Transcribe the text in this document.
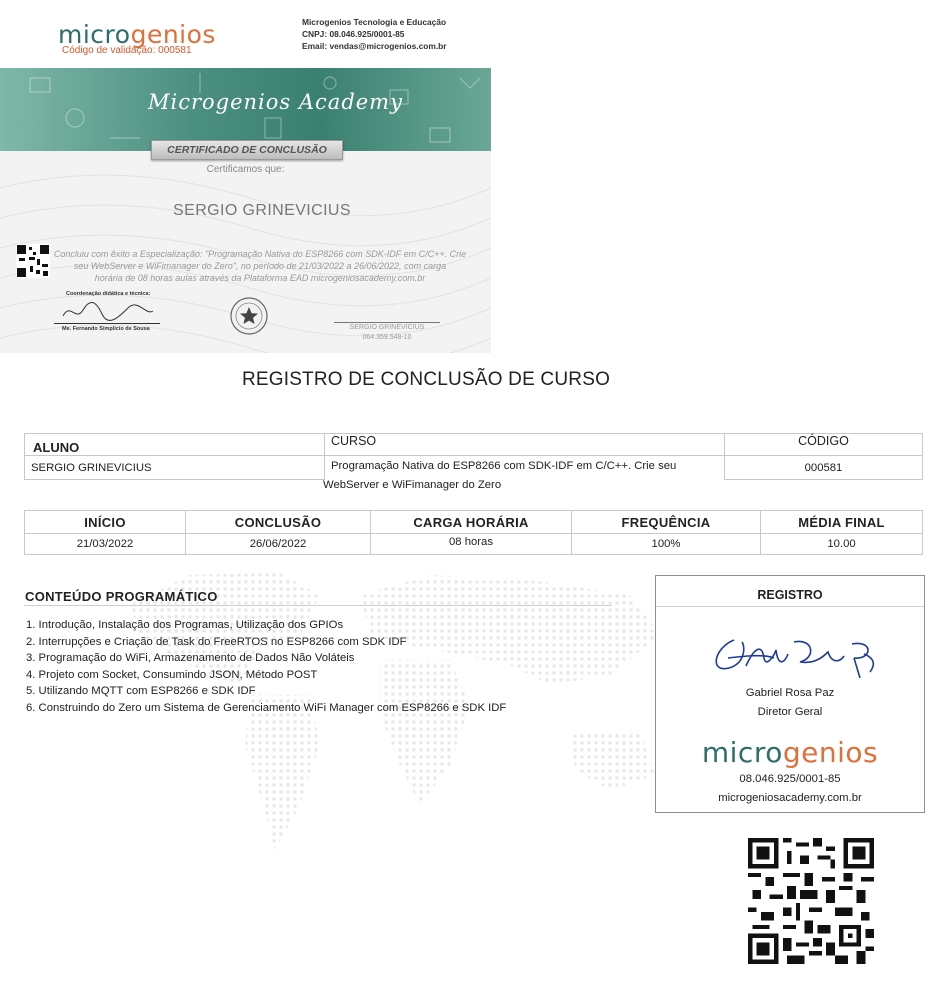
microgenios
Código de validação: 000581
Microgenios Tecnologia e Educação
CNPJ: 08.046.925/0001-85
Email: vendas@microgenios.com.br
Microgenios Academy
CERTIFICADO DE CONCLUSÃO
Certificamos que:
SERGIO GRINEVICIUS
Concluiu com êxito a Especialização: "Programação Nativa do ESP8266 com SDK-IDF em C/C++. Crie
seu WebServer e WiFimanager do Zero", no período de 21/03/2022 a 26/06/2022, com carga
horária de 08 horas aulas através da Plataforma EAD microgeniosacademy.com.br
Coordenação didática e técnica:
Me. Fernando Simplício de Sousa	SERGIO GRINEVICIUS
064.359.548-10
REGISTRO DE CONCLUSÃO DE CURSO
ALUNO	CURSO	CÓDIGO
SERGIO GRINEVICIUS	Programação Nativa do ESP8266 com SDK-IDF em C/C++. Crie seu	000581
WebServer e WiFimanager do Zero
INÍCIO	CONCLUSÃO	CARGA HORÁRIA	FREQUÊNCIA	MÉDIA FINAL
21/03/2022	26/06/2022	08 horas	100%	10.00
CONTEÚDO PROGRAMÁTICO
1. Introdução, Instalação dos Programas, Utilização dos GPIOs
2. Interrupções e Criação de Task do FreeRTOS no ESP8266 com SDK IDF
3. Programação do WiFi, Armazenamento de Dados Não Voláteis
4. Projeto com Socket, Consumindo JSON, Método POST
5. Utilizando MQTT com ESP8266 e SDK IDF
6. Construindo do Zero um Sistema de Gerenciamento WiFi Manager com ESP8266 e SDK IDF
REGISTRO
Gabriel Rosa Paz
Diretor Geral
microgenios
08.046.925/0001-85
microgeniosacademy.com.br
